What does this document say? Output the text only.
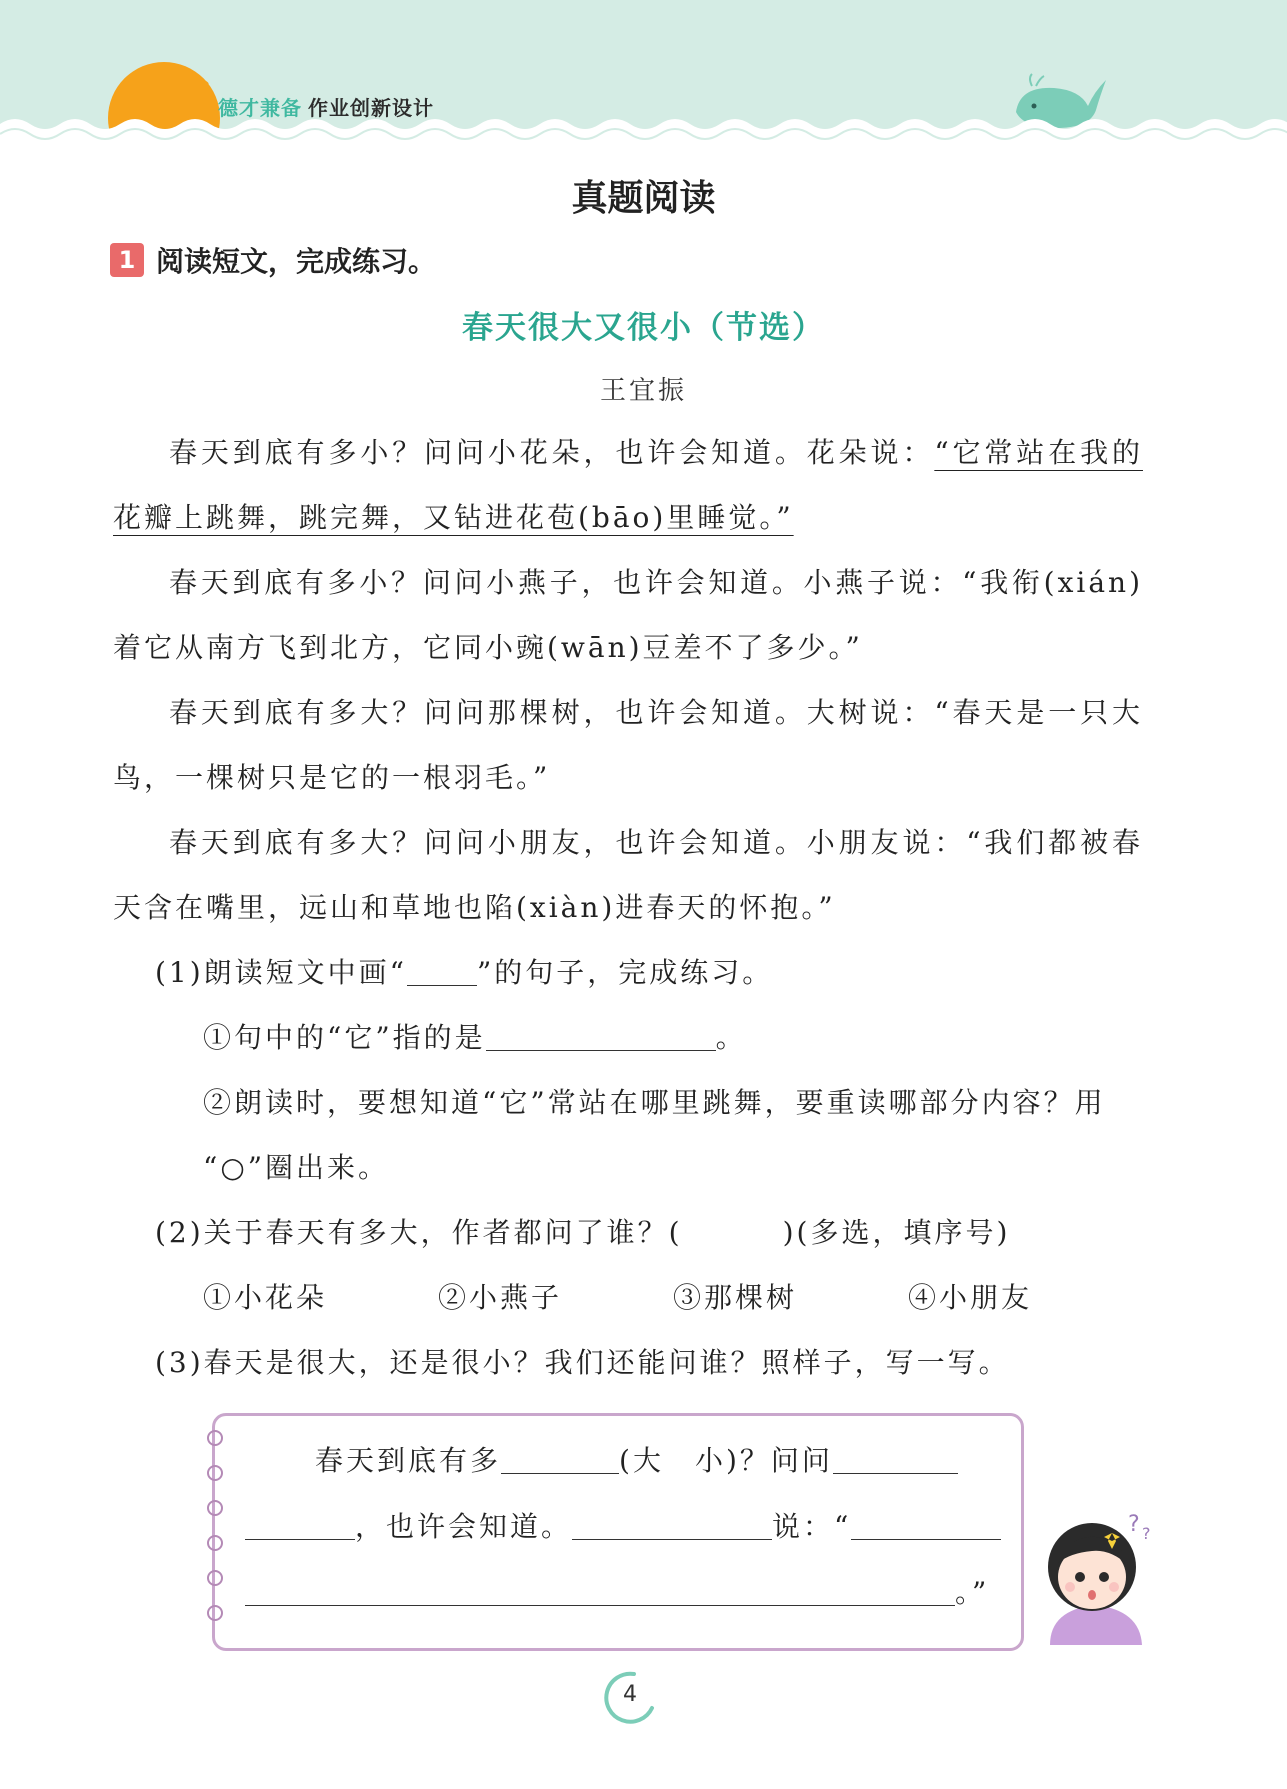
德才兼备 作业创新设计
真题阅读
1 阅读短文，完成练习。
春天很大又很小（节选）
王宜振

春天到底有多小？问问小花朵，也许会知道。花朵说：“它常站在我的花瓣上跳舞，跳完舞，又钻进花苞(bāo)里睡觉。”

春天到底有多小？问问小燕子，也许会知道。小燕子说：“我衔(xián)着它从南方飞到北方，它同小豌(wān)豆差不了多少。”

春天到底有多大？问问那棵树，也许会知道。大树说：“春天是一只大鸟，一棵树只是它的一根羽毛。”

春天到底有多大？问问小朋友，也许会知道。小朋友说：“我们都被春天含在嘴里，远山和草地也陷(xiàn)进春天的怀抱。”

(1)朗读短文中画“	”的句子，完成练习。
①句中的“它”指的是	。
②朗读时，要想知道“它”常站在哪里跳舞，要重读哪部分内容？用
“○”圈出来。
(2)关于春天有多大，作者都问了谁？(	)(多选，填序号)
①小花朵	②小燕子	③那棵树	④小朋友
(3)春天是很大，还是很小？我们还能问谁？照样子，写一写。
春天到底有多	(大　小)？问问
，也许会知道。	说：“
。”
? ?
4
